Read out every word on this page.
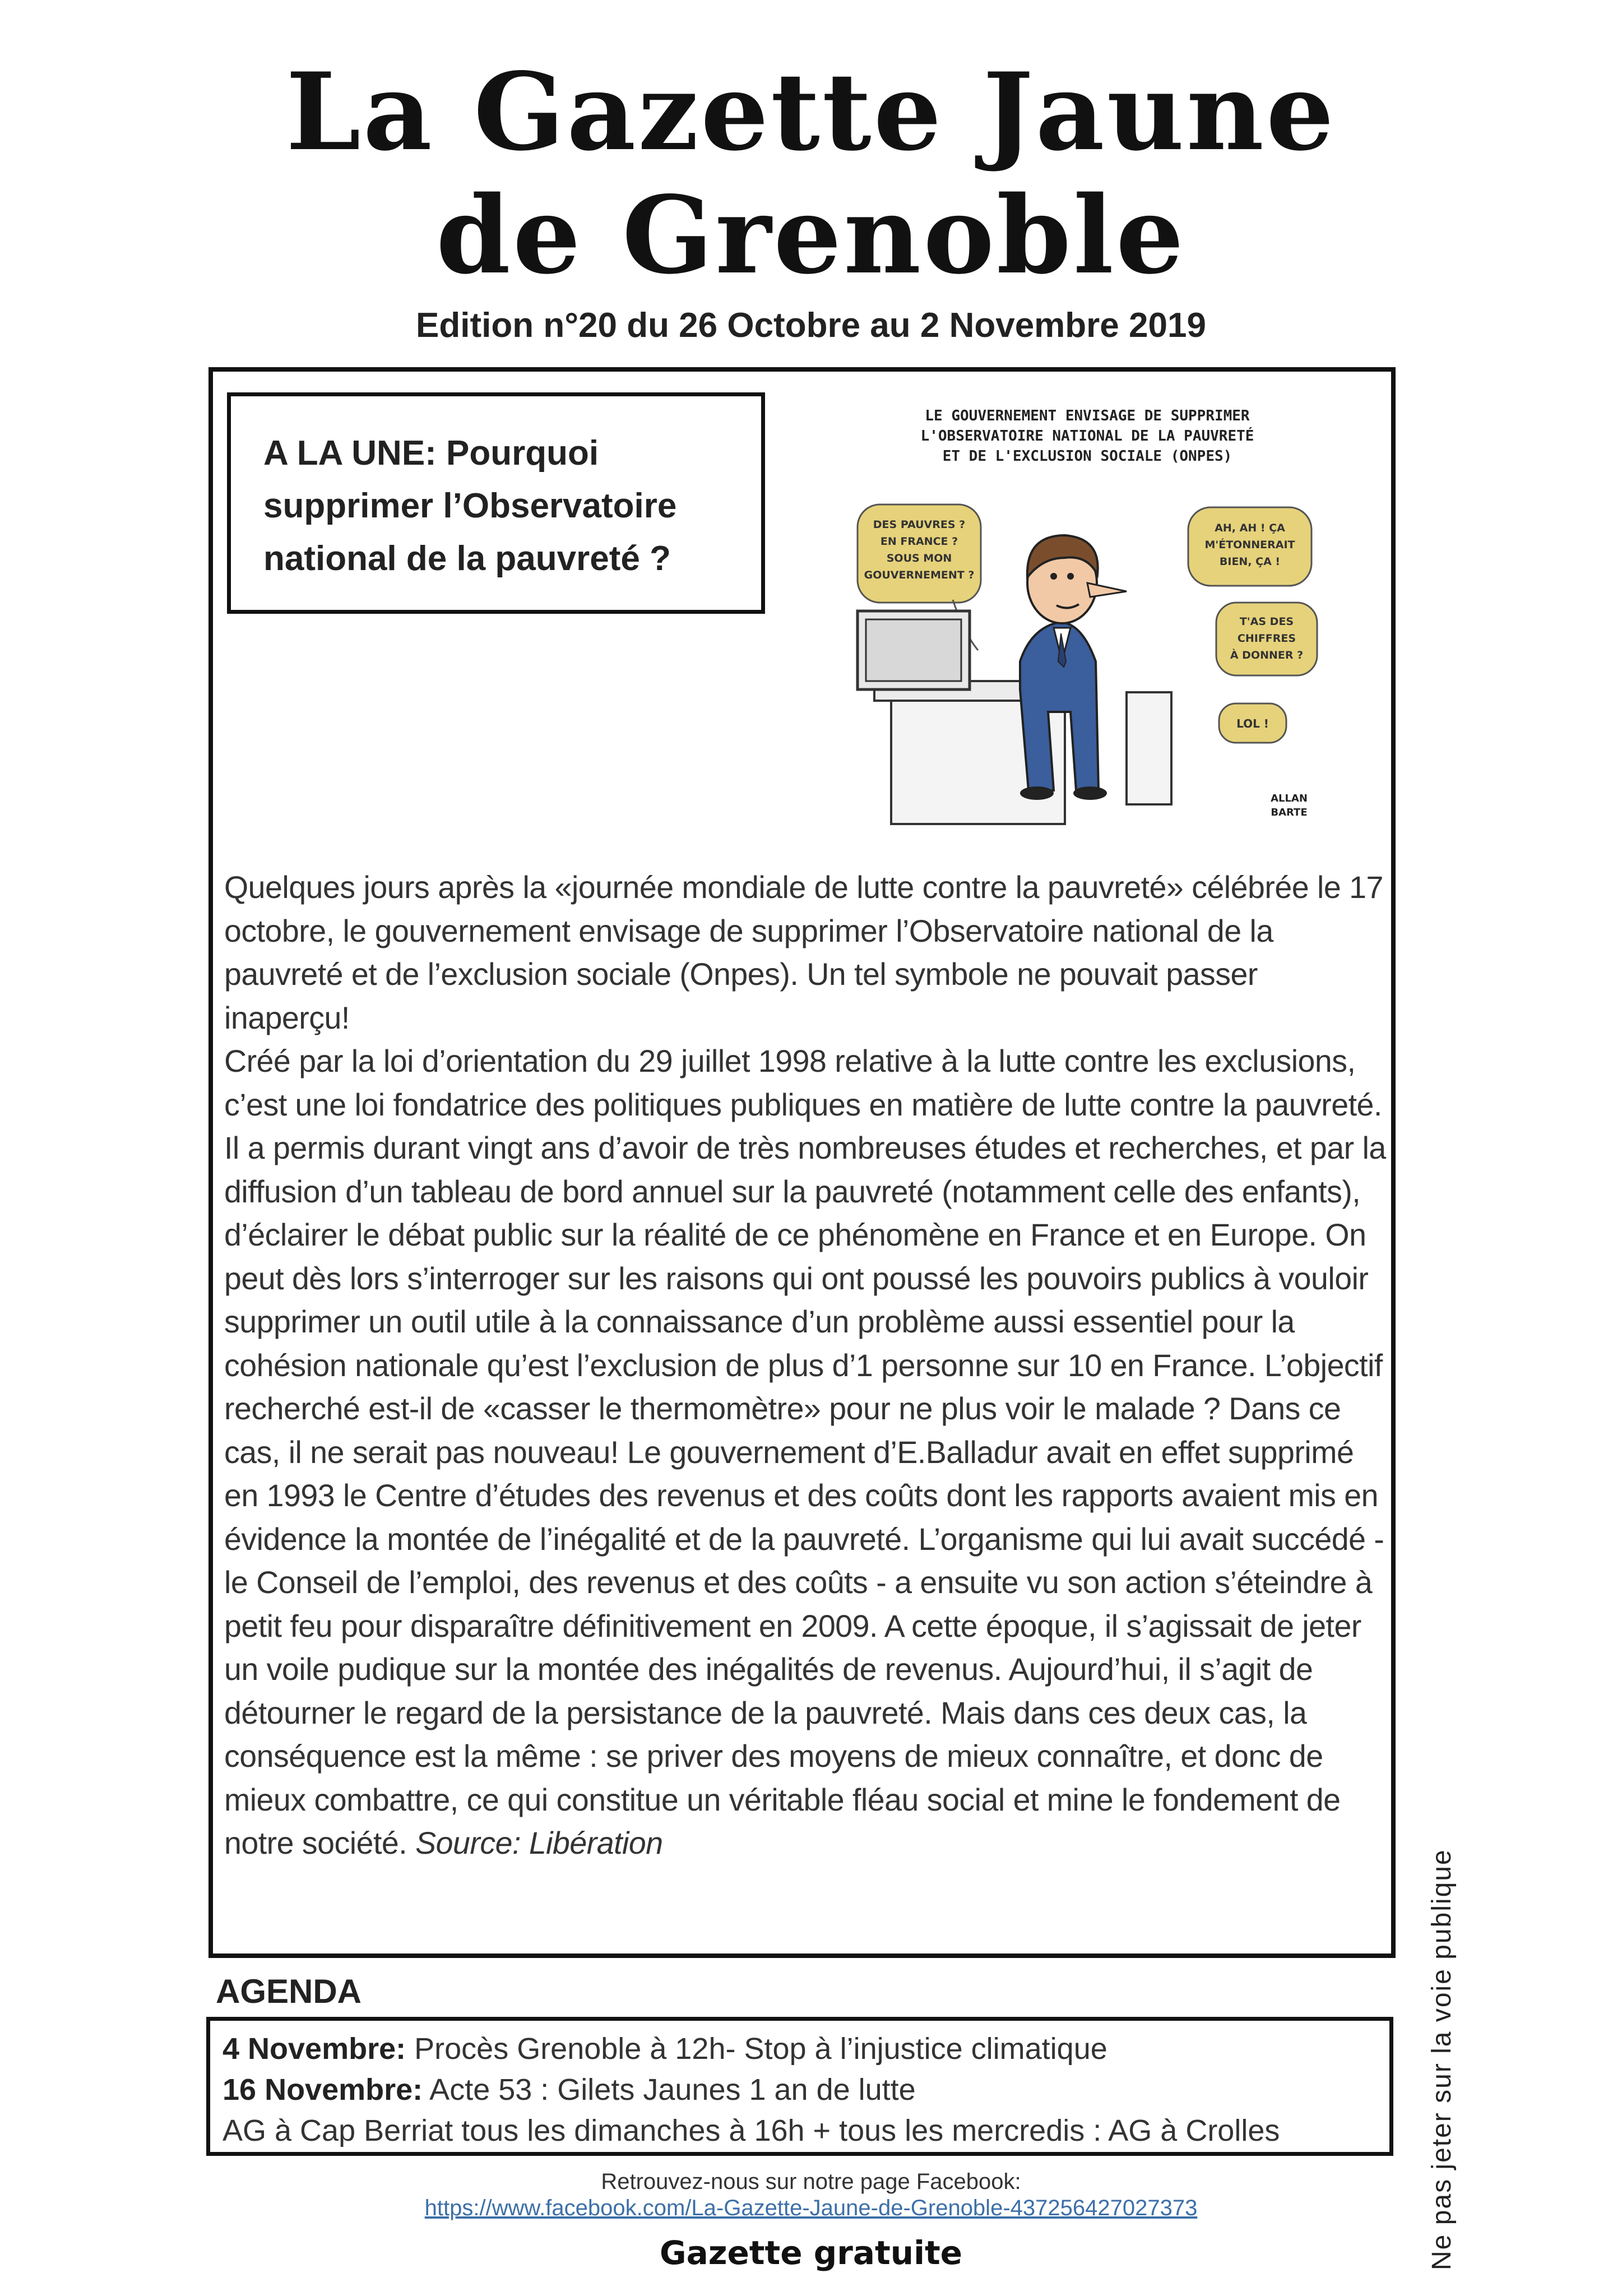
La Gazette Jaune
de Grenoble
Edition n°20 du 26 Octobre au 2 Novembre 2019
A LA UNE: Pourquoi supprimer l’Observatoire national de la pauvreté ?
LE GOUVERNEMENT ENVISAGE DE SUPPRIMER
L'OBSERVATOIRE NATIONAL DE LA PAUVRETÉ
ET DE L'EXCLUSION SOCIALE (ONPES)
DES PAUVRES ?
EN FRANCE ?
SOUS MON
GOUVERNEMENT ?
AH, AH ! ÇA
M'ÉTONNERAIT
BIEN, ÇA !
T'AS DES
CHIFFRES
À DONNER ?
LOL !
ALLAN
BARTE

Quelques jours après la «journée mondiale de lutte contre la pauvreté» célébrée le 17 octobre, le gouvernement envisage de supprimer l’Observatoire national de la pauvreté et de l’exclusion sociale (Onpes). Un tel symbole ne pouvait passer inaperçu!

Créé par la loi d’orientation du 29 juillet 1998 relative à la lutte contre les exclusions, c’est une loi fondatrice des politiques publiques en matière de lutte contre la pauvreté. Il a permis durant vingt ans d’avoir de très nombreuses études et recherches, et par la diffusion d’un tableau de bord annuel sur la pauvreté (notamment celle des enfants), d’éclairer le débat public sur la réalité de ce phénomène en France et en Europe. On peut dès lors s’interroger sur les raisons qui ont poussé les pouvoirs publics à vouloir supprimer un outil utile à la connaissance d’un problème aussi essentiel pour la cohésion nationale qu’est l’exclusion de plus d’1 personne sur 10 en France. L’objectif recherché est-il de «casser le thermomètre» pour ne plus voir le malade ? Dans ce cas, il ne serait pas nouveau! Le gouvernement d’E.Balladur avait en effet supprimé en 1993 le Centre d’études des revenus et des coûts dont les rapports avaient mis en évidence la montée de l’inégalité et de la pauvreté. L’organisme qui lui avait succédé - le Conseil de l’emploi, des revenus et des coûts - a ensuite vu son action s’éteindre à petit feu pour disparaître définitivement en 2009. A cette époque, il s’agissait de jeter un voile pudique sur la montée des inégalités de revenus. Aujourd’hui, il s’agit de détourner le regard de la persistance de la pauvreté. Mais dans ces deux cas, la conséquence est la même : se priver des moyens de mieux connaître, et donc de mieux combattre, ce qui constitue un véritable fléau social et mine le fondement de notre société. Source: Libération

AGENDA
4 Novembre: Procès Grenoble à 12h- Stop à l’injustice climatique
16 Novembre: Acte 53 : Gilets Jaunes 1 an de lutte
AG à Cap Berriat tous les dimanches à 16h + tous les mercredis : AG à Crolles
Retrouvez-nous sur notre page Facebook:
https://www.facebook.com/La-Gazette-Jaune-de-Grenoble-437256427027373
Gazette gratuite	Ne pas jeter sur la voie publique
